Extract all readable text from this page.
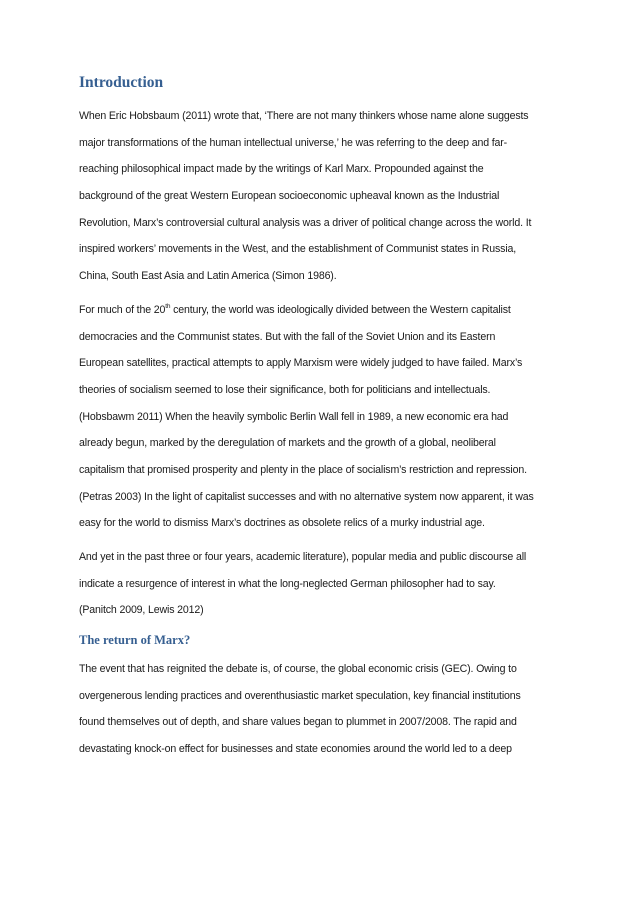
Introduction
When Eric Hobsbaum (2011) wrote that, ‘There are not many thinkers whose name alone suggests
major transformations of the human intellectual universe,’ he was referring to the deep and far-
reaching philosophical impact made by the writings of Karl Marx. Propounded against the
background of the great Western European socioeconomic upheaval known as the Industrial
Revolution, Marx’s controversial cultural analysis was a driver of political change across the world. It
inspired workers’ movements in the West, and the establishment of Communist states in Russia,
China, South East Asia and Latin America (Simon 1986).
For much of the 20th century, the world was ideologically divided between the Western capitalist
democracies and the Communist states. But with the fall of the Soviet Union and its Eastern
European satellites, practical attempts to apply Marxism were widely judged to have failed. Marx’s
theories of socialism seemed to lose their significance, both for politicians and intellectuals.
(Hobsbawm 2011) When the heavily symbolic Berlin Wall fell in 1989, a new economic era had
already begun, marked by the deregulation of markets and the growth of a global, neoliberal
capitalism that promised prosperity and plenty in the place of socialism’s restriction and repression.
(Petras 2003) In the light of capitalist successes and with no alternative system now apparent, it was
easy for the world to dismiss Marx’s doctrines as obsolete relics of a murky industrial age.
And yet in the past three or four years, academic literature), popular media and public discourse all
indicate a resurgence of interest in what the long-neglected German philosopher had to say.
(Panitch 2009, Lewis 2012)
The return of Marx?
The event that has reignited the debate is, of course, the global economic crisis (GEC). Owing to
overgenerous lending practices and overenthusiastic market speculation, key financial institutions
found themselves out of depth, and share values began to plummet in 2007/2008. The rapid and
devastating knock-on effect for businesses and state economies around the world led to a deep
